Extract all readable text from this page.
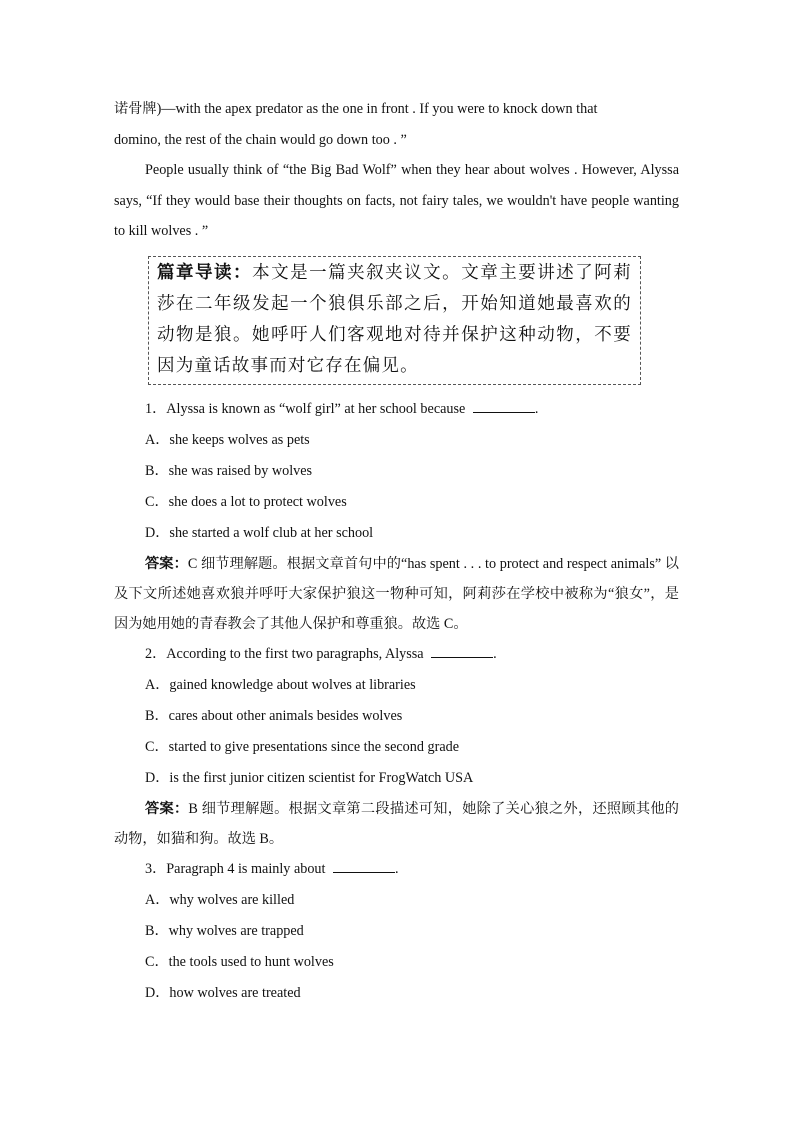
诺骨牌)—with the apex predator as the one in front . If you were to knock down that

domino, the rest of the chain would go down too . ”

People usually think of “the Big Bad Wolf” when they hear about wolves . However, Alyssa says, “If they would base their thoughts on facts, not fairy tales, we wouldn't have people wanting to kill wolves . ”

篇章导读：本文是一篇夹叙夹议文。文章主要讲述了阿莉莎在二年级发起一个狼俱乐部之后，开始知道她最喜欢的动物是狼。她呼吁人们客观地对待并保护这种动物，不要因为童话故事而对它存在偏见。

1．Alyssa is known as “wolf girl” at her school because	.

A．she keeps wolves as pets

B．she was raised by wolves

C．she does a lot to protect wolves

D．she started a wolf club at her school

答案：C 细节理解题。根据文章首句中的“has spent . . . to protect and respect animals” 以及下文所述她喜欢狼并呼吁大家保护狼这一物种可知，阿莉莎在学校中被称为“狼女”，是因为她用她的青春教会了其他人保护和尊重狼。故选 C。

2．According to the first two paragraphs, Alyssa	.

A．gained knowledge about wolves at libraries

B．cares about other animals besides wolves

C．started to give presentations since the second grade

D．is the first junior citizen scientist for FrogWatch USA

答案：B 细节理解题。根据文章第二段描述可知，她除了关心狼之外，还照顾其他的动物，如猫和狗。故选 B。

3．Paragraph 4 is mainly about	.

A．why wolves are killed

B．why wolves are trapped

C．the tools used to hunt wolves

D．how wolves are treated
